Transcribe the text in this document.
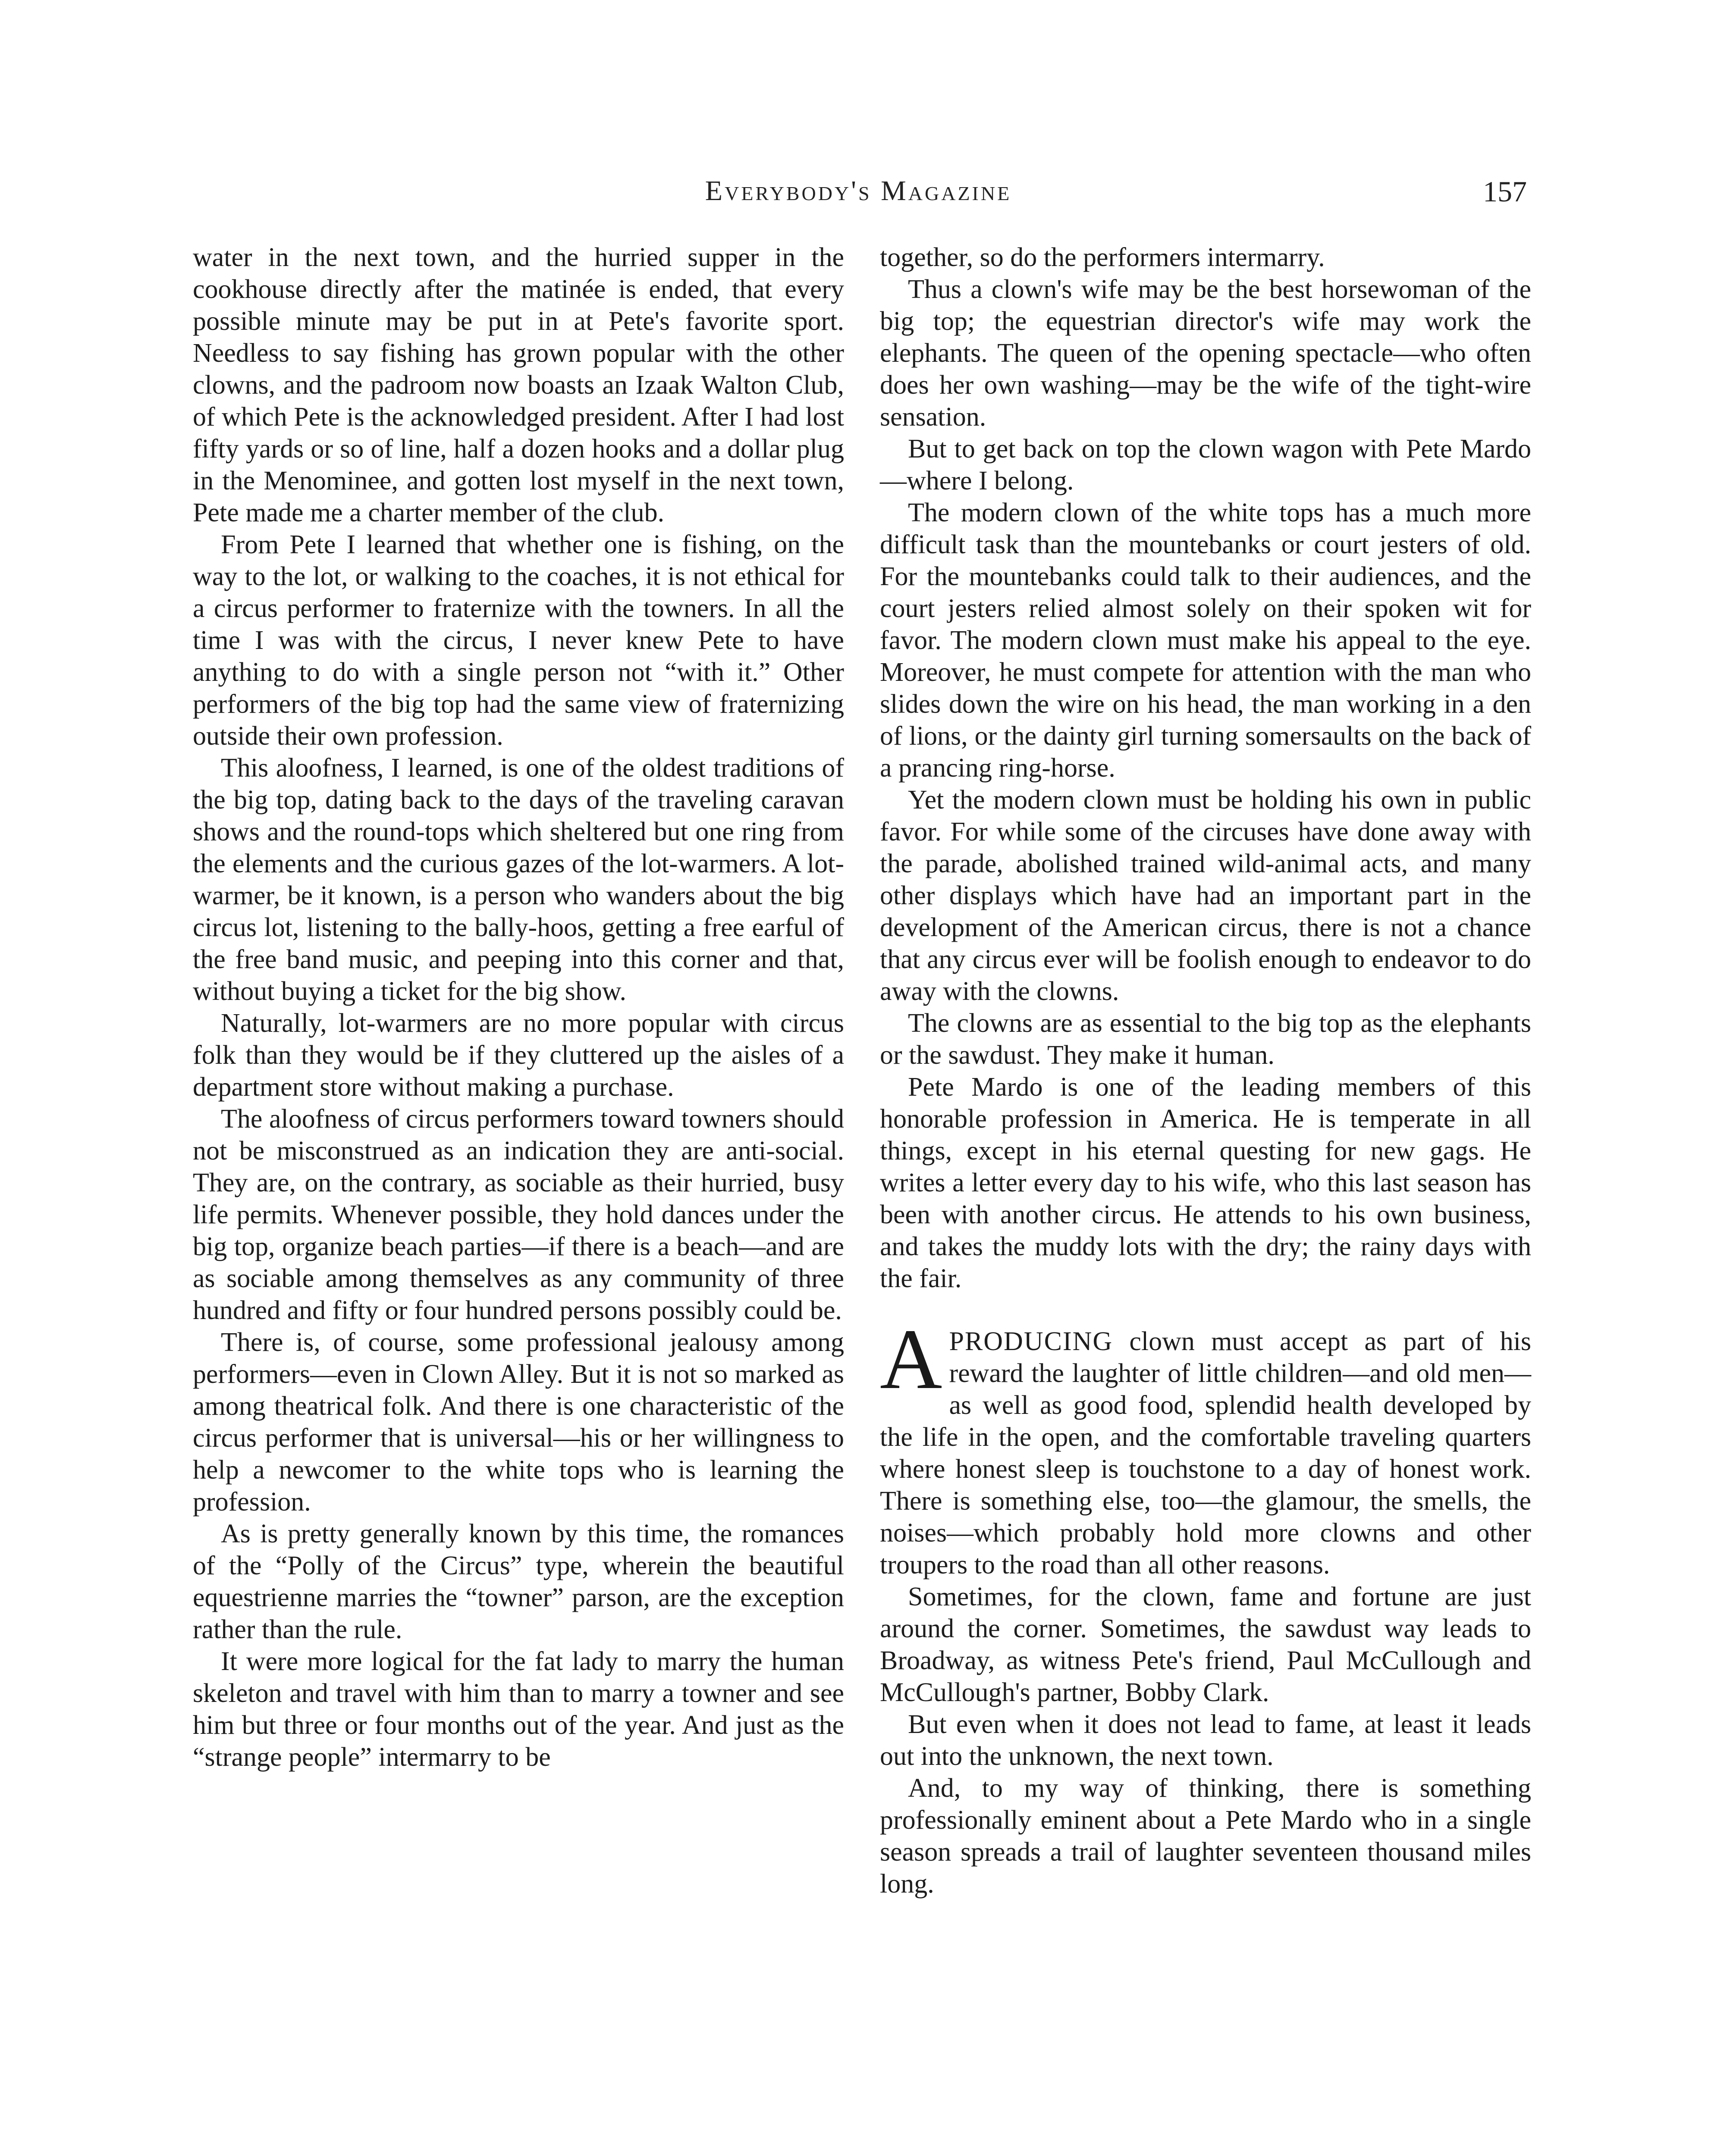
Everybody's Magazine	157

water in the next town, and the hurried supper in the cookhouse directly after the matinée is ended, that every possible minute may be put in at Pete's favorite sport. Needless to say fishing has grown popular with the other clowns, and the padroom now boasts an Izaak Walton Club, of which Pete is the acknowledged president. After I had lost fifty yards or so of line, half a dozen hooks and a dollar plug in the Menominee, and gotten lost myself in the next town, Pete made me a charter member of the club.

From Pete I learned that whether one is fishing, on the way to the lot, or walking to the coaches, it is not ethical for a circus performer to fraternize with the towners. In all the time I was with the circus, I never knew Pete to have anything to do with a single person not “with it.” Other performers of the big top had the same view of fraternizing outside their own profession.

This aloofness, I learned, is one of the oldest traditions of the big top, dating back to the days of the traveling caravan shows and the round-tops which sheltered but one ring from the elements and the curious gazes of the lot-warmers. A lot-warmer, be it known, is a person who wanders about the big circus lot, listening to the bally-hoos, getting a free earful of the free band music, and peeping into this corner and that, without buying a ticket for the big show.

Naturally, lot-warmers are no more popular with circus folk than they would be if they cluttered up the aisles of a department store without making a purchase.

The aloofness of circus performers toward towners should not be misconstrued as an indication they are anti-social. They are, on the contrary, as sociable as their hurried, busy life permits. Whenever possible, they hold dances under the big top, organize beach parties—if there is a beach—and are as sociable among themselves as any community of three hundred and fifty or four hundred persons possibly could be.

There is, of course, some professional jealousy among performers—even in Clown Alley. But it is not so marked as among theatrical folk. And there is one characteristic of the circus performer that is universal—his or her willingness to help a newcomer to the white tops who is learning the profession.

As is pretty generally known by this time, the romances of the “Polly of the Circus” type, wherein the beautiful equestrienne marries the “towner” parson, are the exception rather than the rule.

It were more logical for the fat lady to marry the human skeleton and travel with him than to marry a towner and see him but three or four months out of the year. And just as the “strange people” intermarry to be

together, so do the performers intermarry.

Thus a clown's wife may be the best horsewoman of the big top; the equestrian director's wife may work the elephants. The queen of the opening spectacle—who often does her own washing—may be the wife of the tight-wire sensation.

But to get back on top the clown wagon with Pete Mardo—where I belong.

The modern clown of the white tops has a much more difficult task than the mountebanks or court jesters of old. For the mountebanks could talk to their audiences, and the court jesters relied almost solely on their spoken wit for favor. The modern clown must make his appeal to the eye. Moreover, he must compete for attention with the man who slides down the wire on his head, the man working in a den of lions, or the dainty girl turning somersaults on the back of a prancing ring-horse.

Yet the modern clown must be holding his own in public favor. For while some of the circuses have done away with the parade, abolished trained wild-animal acts, and many other displays which have had an important part in the development of the American circus, there is not a chance that any circus ever will be foolish enough to endeavor to do away with the clowns.

The clowns are as essential to the big top as the elephants or the sawdust. They make it human.

Pete Mardo is one of the leading members of this honorable profession in America. He is temperate in all things, except in his eternal questing for new gags. He writes a letter every day to his wife, who this last season has been with another circus. He attends to his own business, and takes the muddy lots with the dry; the rainy days with the fair.

APRODUCING clown must accept as part of his reward the laughter of little children—and old men—as well as good food, splendid health developed by the life in the open, and the comfortable traveling quarters where honest sleep is touchstone to a day of honest work. There is something else, too—the glamour, the smells, the noises—which probably hold more clowns and other troupers to the road than all other reasons.

Sometimes, for the clown, fame and fortune are just around the corner. Sometimes, the sawdust way leads to Broadway, as witness Pete's friend, Paul McCullough and McCullough's partner, Bobby Clark.

But even when it does not lead to fame, at least it leads out into the unknown, the next town.

And, to my way of thinking, there is something professionally eminent about a Pete Mardo who in a single season spreads a trail of laughter seventeen thousand miles long.
